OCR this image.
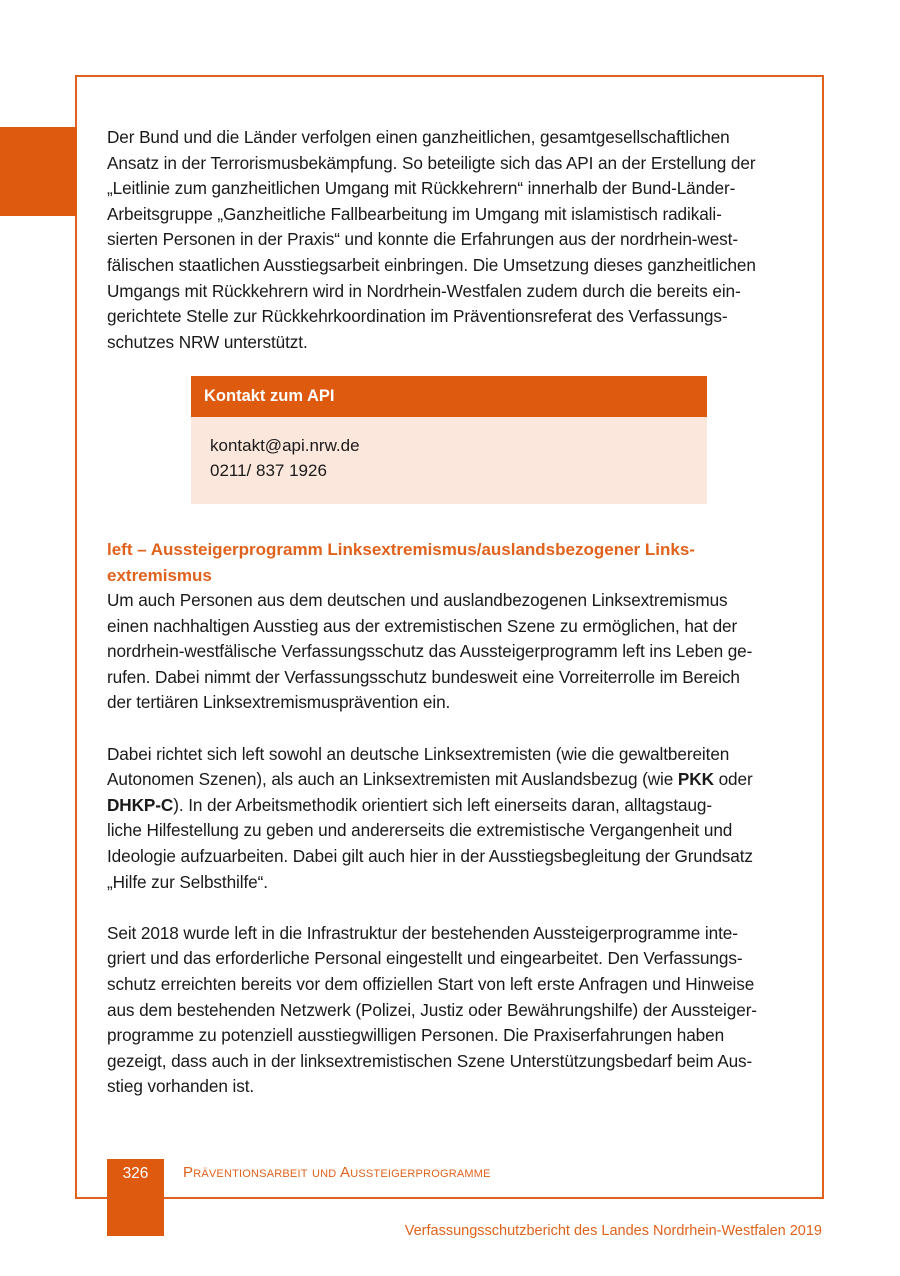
Der Bund und die Länder verfolgen einen ganzheitlichen, gesamtgesellschaftlichen
Ansatz in der Terrorismusbekämpfung. So beteiligte sich das API an der Erstellung der
„Leitlinie zum ganzheitlichen Umgang mit Rückkehrern“ innerhalb der Bund-Länder-
Arbeitsgruppe „Ganzheitliche Fallbearbeitung im Umgang mit islamistisch radikali-
sierten Personen in der Praxis“ und konnte die Erfahrungen aus der nordrhein-west-
fälischen staatlichen Ausstiegsarbeit einbringen. Die Umsetzung dieses ganzheitlichen
Umgangs mit Rückkehrern wird in Nordrhein-Westfalen zudem durch die bereits ein-
gerichtete Stelle zur Rückkehrkoordination im Präventionsreferat des Verfassungs-
schutzes NRW unterstützt.
Kontakt zum API
kontakt@api.nrw.de
0211/ 837 1926
left – Aussteigerprogramm Linksextremismus/auslandsbezogener Links-
extremismus
Um auch Personen aus dem deutschen und auslandbezogenen Linksextremismus
einen nachhaltigen Ausstieg aus der extremistischen Szene zu ermöglichen, hat der
nordrhein-westfälische Verfassungsschutz das Aussteigerprogramm left ins Leben ge-
rufen. Dabei nimmt der Verfassungsschutz bundesweit eine Vorreiterrolle im Bereich
der tertiären Linksextremismusprävention ein.
Dabei richtet sich left sowohl an deutsche Linksextremisten (wie die gewaltbereiten
Autonomen Szenen), als auch an Linksextremisten mit Auslandsbezug (wie PKK oder
DHKP-C). In der Arbeitsmethodik orientiert sich left einerseits daran, alltagstaug-
liche Hilfestellung zu geben und andererseits die extremistische Vergangenheit und
Ideologie aufzuarbeiten. Dabei gilt auch hier in der Ausstiegsbegleitung der Grundsatz
„Hilfe zur Selbsthilfe“.
Seit 2018 wurde left in die Infrastruktur der bestehenden Aussteigerprogramme inte-
griert und das erforderliche Personal eingestellt und eingearbeitet. Den Verfassungs-
schutz erreichten bereits vor dem offiziellen Start von left erste Anfragen und Hinweise
aus dem bestehenden Netzwerk (Polizei, Justiz oder Bewährungshilfe) der Aussteiger-
programme zu potenziell ausstiegwilligen Personen. Die Praxiserfahrungen haben
gezeigt, dass auch in der linksextremistischen Szene Unterstützungsbedarf beim Aus-
stieg vorhanden ist.
326	Präventionsarbeit und Aussteigerprogramme
Verfassungsschutzbericht des Landes Nordrhein-Westfalen 2019
